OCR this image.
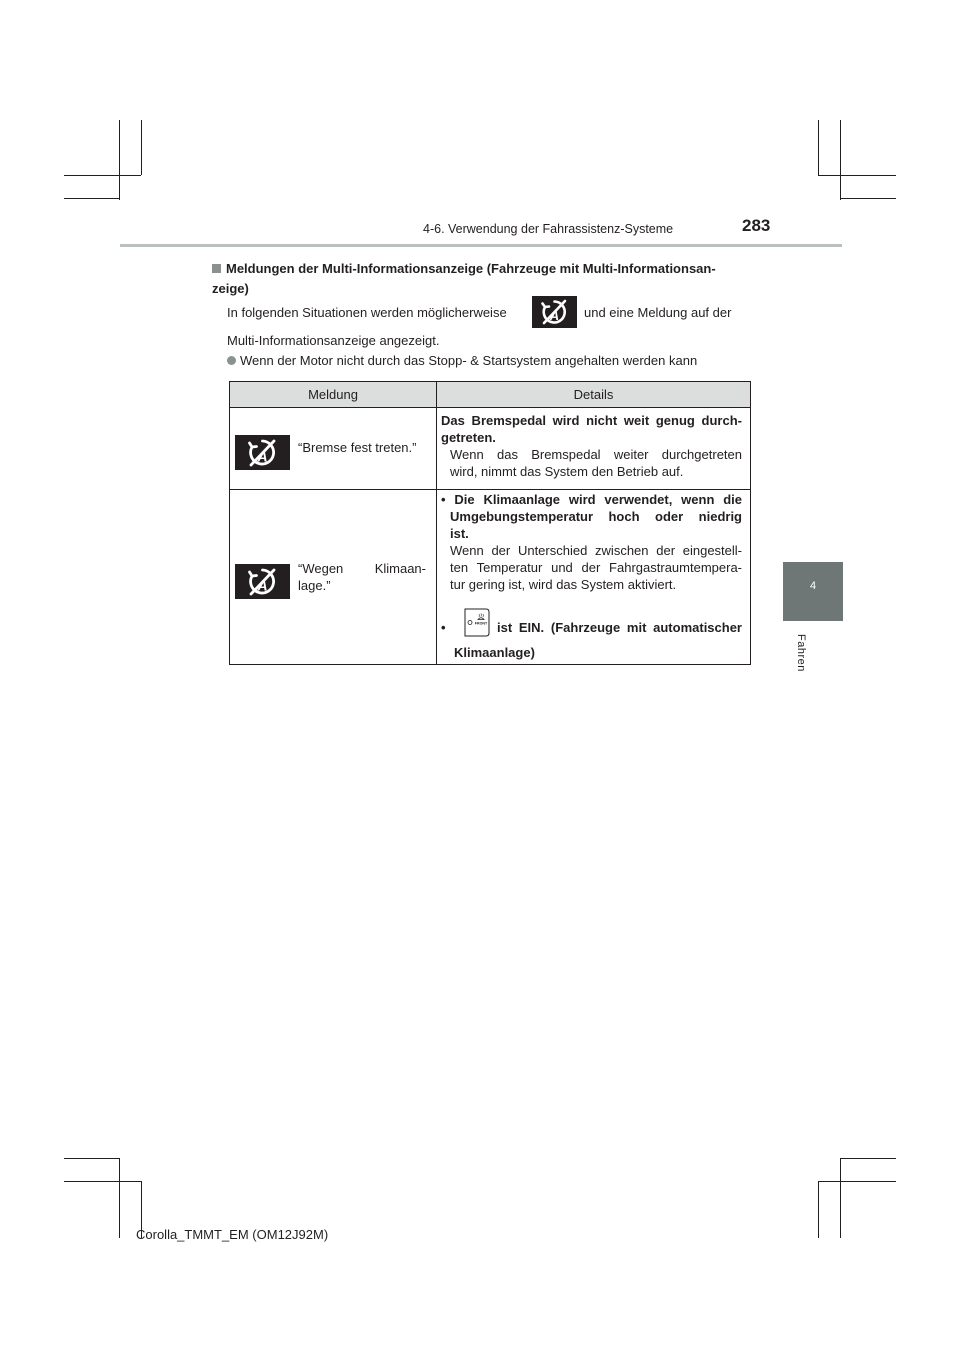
4-6. Verwendung der Fahrassistenz-Systeme	283
4
Fahren
Meldungen der Multi-Informationsanzeige (Fahrzeuge mit Multi-Informationsan-
zeige)
In folgenden Situationen werden möglicherweise	und eine Meldung auf der
A
Multi-Informationsanzeige angezeigt.
Wenn der Motor nicht durch das Stopp- & Startsystem angehalten werden kann
Meldung	Details
A
“Bremse fest treten.”
Das Bremspedal wird nicht weit genug durch-
getreten.
Wenn das Bremspedal weiter durchgetreten
wird, nimmt das System den Betrieb auf.
A
“Wegen Klimaan-
lage.”
• Die Klimaanlage wird verwendet, wenn die
Umgebungstemperatur hoch oder niedrig
ist.
Wenn der Unterschied zwischen der eingestell-
ten Temperatur und der Fahrgastraumtempera-
tur gering ist, wird das System aktiviert.
•	FRONT ist EIN. (Fahrzeuge mit automatischer
Klimaanlage)
Corolla_TMMT_EM (OM12J92M)
